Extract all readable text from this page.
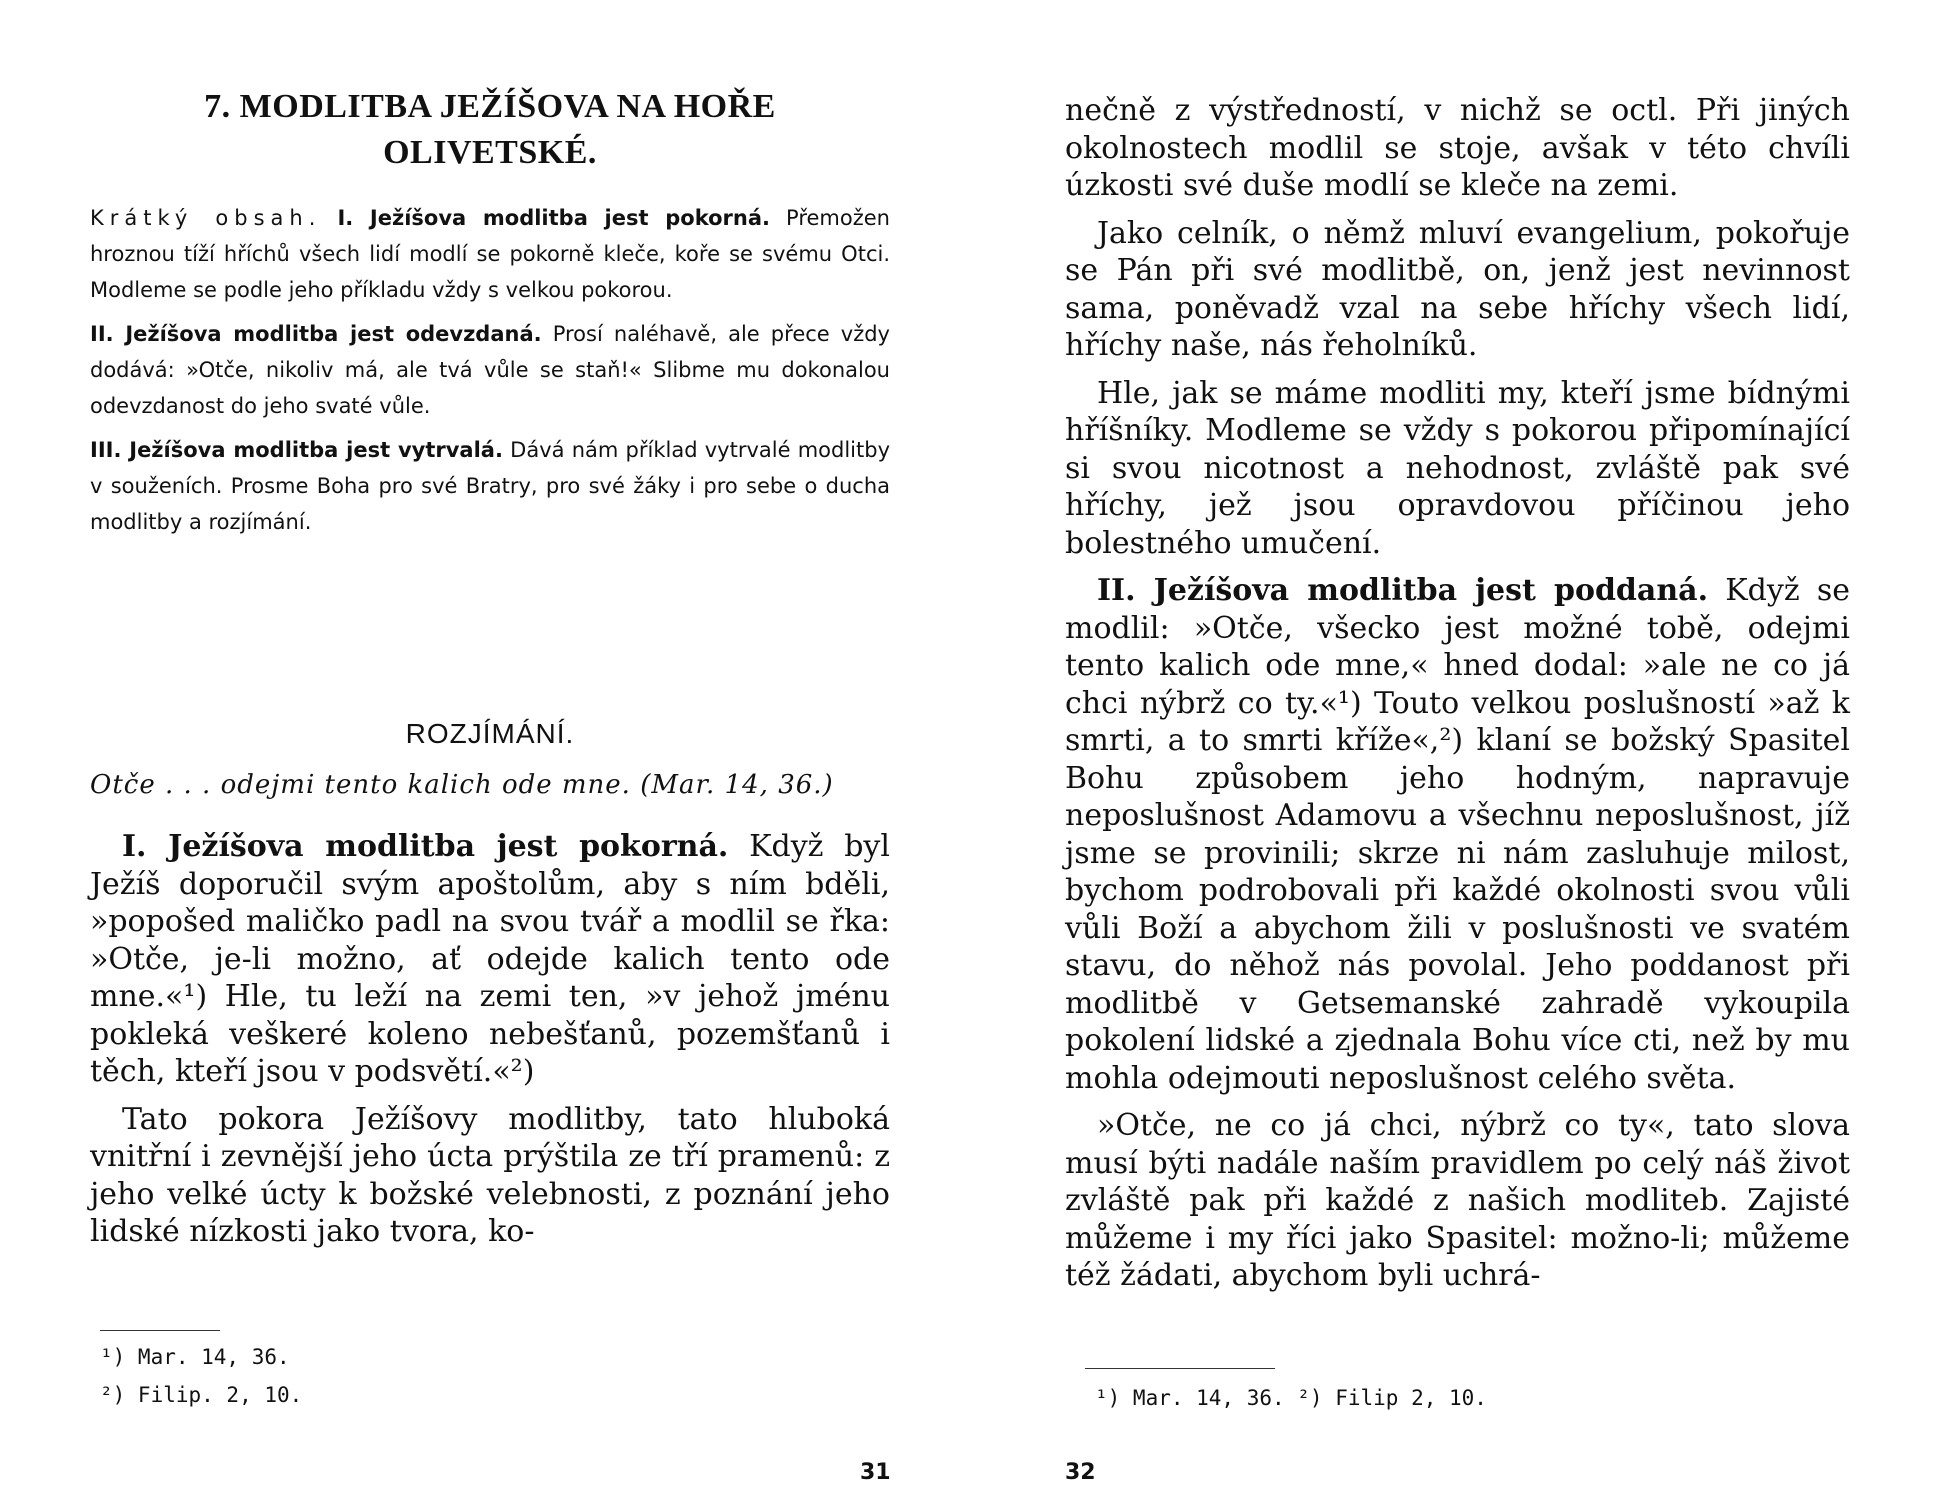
7. MODLITBA JEŽÍŠOVA NA HOŘE OLIVETSKÉ.

Krátký obsah. I. Ježíšova modlitba jest pokorná. Přemožen hroznou tíží hříchů všech lidí modlí se pokorně kleče, koře se svému Otci. Modleme se podle jeho příkladu vždy s velkou pokorou.

II. Ježíšova modlitba jest odevzdaná. Prosí naléhavě, ale přece vždy dodává: »Otče, nikoliv má, ale tvá vůle se staň!« Slibme mu dokonalou odevzdanost do jeho svaté vůle.

III. Ježíšova modlitba jest vytrvalá. Dává nám příklad vytrvalé modlitby v souženích. Prosme Boha pro své Bratry, pro své žáky i pro sebe o ducha modlitby a rozjímání.

ROZJÍMÁNÍ.
Otče . . . odejmi tento kalich ode mne. (Mar. 14, 36.)

I. Ježíšova modlitba jest pokorná. Když byl Ježíš doporučil svým apoštolům, aby s ním bděli, »popošed maličko padl na svou tvář a modlil se řka: »Otče, je-li možno, ať odejde kalich tento ode mne.«¹) Hle, tu leží na zemi ten, »v jehož jménu pokleká veškeré koleno nebešťanů, pozemšťanů i těch, kteří jsou v podsvětí.«²)

Tato pokora Ježíšovy modlitby, tato hluboká vnitřní i zevnější jeho úcta prýštila ze tří pramenů: z jeho velké úcty k božské velebnosti, z poznání jeho lidské nízkosti jako tvora, ko-

¹) Mar. 14, 36.
²) Filip. 2, 10.
31

nečně z výstředností, v nichž se octl. Při jiných okolnostech modlil se stoje, avšak v této chvíli úzkosti své duše modlí se kleče na zemi.

Jako celník, o němž mluví evangelium, pokořuje se Pán při své modlitbě, on, jenž jest nevinnost sama, poněvadž vzal na sebe hříchy všech lidí, hříchy naše, nás řeholníků.

Hle, jak se máme modliti my, kteří jsme bídnými hříšníky. Modleme se vždy s pokorou připomínající si svou nicotnost a nehodnost, zvláště pak své hříchy, jež jsou opravdovou příčinou jeho bolestného umučení.

II. Ježíšova modlitba jest poddaná. Když se modlil: »Otče, všecko jest možné tobě, odejmi tento kalich ode mne,« hned dodal: »ale ne co já chci nýbrž co ty.«¹) Touto velkou poslušností »až k smrti, a to smrti kříže«,²) klaní se božský Spasitel Bohu způsobem jeho hodným, napravuje neposlušnost Adamovu a všechnu neposlušnost, jíž jsme se provinili; skrze ni nám zasluhuje milost, bychom podrobovali při každé okolnosti svou vůli vůli Boží a abychom žili v poslušnosti ve svatém stavu, do něhož nás povolal. Jeho poddanost při modlitbě v Getsemanské zahradě vykoupila pokolení lidské a zjednala Bohu více cti, než by mu mohla odejmouti neposlušnost celého světa.

»Otče, ne co já chci, nýbrž co ty«, tato slova musí býti nadále naším pravidlem po celý náš život zvláště pak při každé z našich modliteb. Zajisté můžeme i my říci jako Spasitel: možno-li; můžeme též žádati, abychom byli uchrá-

¹) Mar. 14, 36. ²) Filip 2, 10.
32
